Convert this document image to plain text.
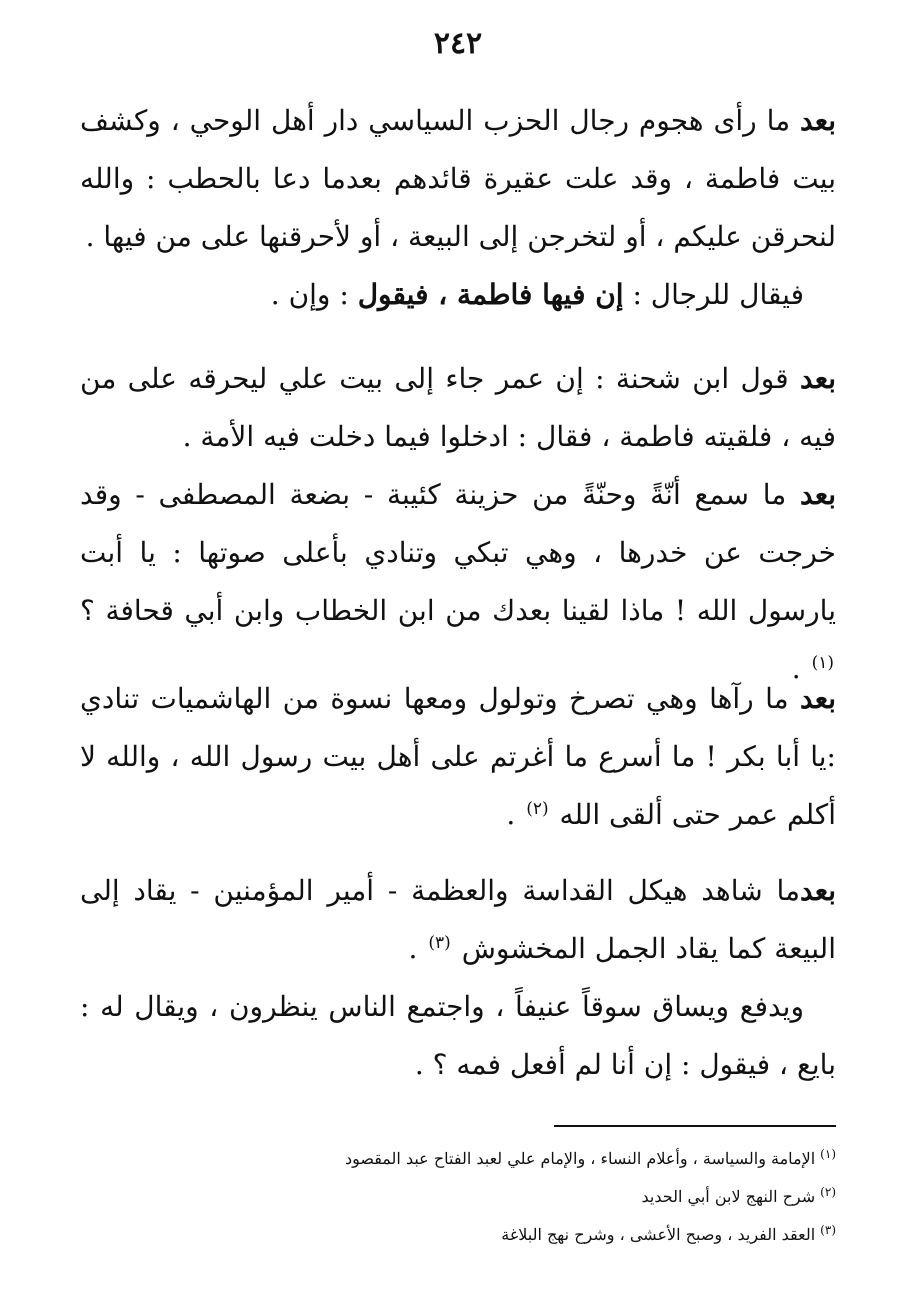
٢٤٢

بعد ما رأى هجوم رجال الحزب السياسي دار أهل الوحي ، وكشف بيت فاطمة ، وقد علت عقيرة قائدهم بعدما دعا بالحطب : والله لنحرقن عليكم ، أو لتخرجن إلى البيعة ، أو لأحرقنها على من فيها .

فيقال للرجال : إن فيها فاطمة ، فيقول : وإن .

بعد قول ابن شحنة : إن عمر جاء إلى بيت علي ليحرقه على من فيه ، فلقيته فاطمة ، فقال : ادخلوا فيما دخلت فيه الأمة .

بعد ما سمع أنّةً وحنّةً من حزينة كئيبة - بضعة المصطفى - وقد خرجت عن خدرها ، وهي تبكي وتنادي بأعلى صوتها : يا أبت يارسول الله ! ماذا لقينا بعدك من ابن الخطاب وابن أبي قحافة ؟ $^{(١)}$ .

بعد ما رآها وهي تصرخ وتولول ومعها نسوة من الهاشميات تنادي :يا أبا بكر ! ما أسرع ما أغرتم على أهل بيت رسول الله ، والله لا أكلم عمر حتى ألقى الله $^{(٢)}$ .

بعدما شاهد هيكل القداسة والعظمة - أمير المؤمنين - يقاد إلى البيعة كما يقاد الجمل المخشوش $^{(٣)}$ .

ويدفع ويساق سوقاً عنيفاً ، واجتمع الناس ينظرون ، ويقال له : بايع ، فيقول : إن أنا لم أفعل فمه ؟ .

$^{(١)}$الإمامة والسياسة ، وأعلام النساء ، والإمام علي لعبد الفتاح عبد المقصود

$^{(٢)}$شرح النهج لابن أبي الحديد

$^{(٣)}$العقد الفريد ، وصبح الأعشى ، وشرح نهج البلاغة
